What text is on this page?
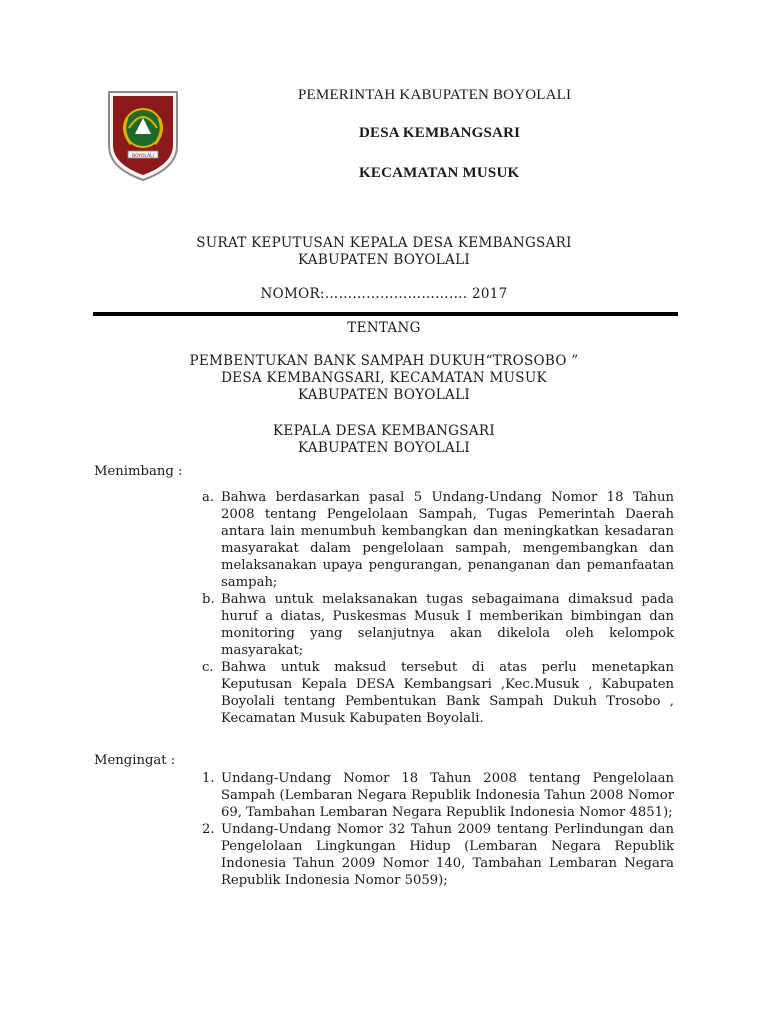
BOYOLALI
PEMERINTAH KABUPATEN BOYOLALI
DESA KEMBANGSARI
KECAMATAN MUSUK
SURAT KEPUTUSAN KEPALA DESA KEMBANGSARI
KABUPATEN BOYOLALI
NOMOR:…………………………. 2017
TENTANG
PEMBENTUKAN BANK SAMPAH DUKUH“TROSOBO ”
DESA KEMBANGSARI, KECAMATAN MUSUK
KABUPATEN BOYOLALI
KEPALA DESA KEMBANGSARI
KABUPATEN BOYOLALI
Menimbang :
a. Bahwa berdasarkan pasal 5 Undang-Undang Nomor 18 Tahun 2008 tentang Pengelolaan Sampah, Tugas Pemerintah Daerah antara lain menumbuh kembangkan dan meningkatkan kesadaran masyarakat dalam pengelolaan sampah, mengembangkan dan melaksanakan upaya pengurangan, penanganan dan pemanfaatan sampah;
b. Bahwa untuk melaksanakan tugas sebagaimana dimaksud pada huruf a diatas, Puskesmas Musuk I memberikan bimbingan dan monitoring yang selanjutnya akan dikelola oleh kelompok masyarakat;
c. Bahwa untuk maksud tersebut di atas perlu menetapkan Keputusan Kepala DESA Kembangsari ,Kec.Musuk , Kabupaten Boyolali tentang Pembentukan Bank Sampah Dukuh Trosobo , Kecamatan Musuk Kabupaten Boyolali.
Mengingat :
1. Undang-Undang Nomor 18 Tahun 2008 tentang Pengelolaan Sampah (Lembaran Negara Republik Indonesia Tahun 2008 Nomor 69, Tambahan Lembaran Negara Republik Indonesia Nomor 4851);
2. Undang-Undang Nomor 32 Tahun 2009 tentang Perlindungan dan Pengelolaan Lingkungan Hidup (Lembaran Negara Republik Indonesia Tahun 2009 Nomor 140, Tambahan Lembaran Negara Republik Indonesia Nomor 5059);
